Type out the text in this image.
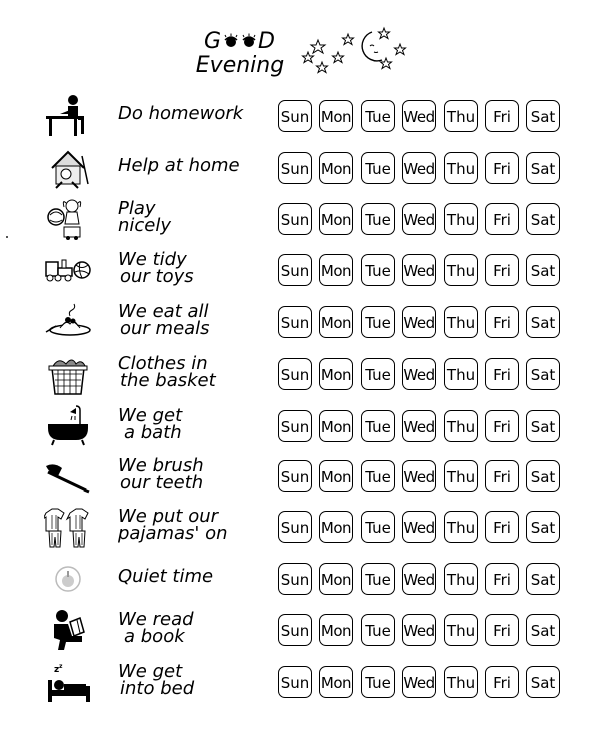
G D
Evening
Do homework	Sun Mon Tue Wed Thu	Fri	Sat
Help at home	Sun Mon Tue Wed Thu	Fri	Sat
Play
nicely	Sun Mon Tue Wed Thu	Fri	Sat
We tidy
our toys	Sun Mon Tue Wed Thu	Fri	Sat
We eat all
our meals	Sun Mon Tue Wed Thu	Fri	Sat
Clothes in
the basket	Sun Mon Tue Wed Thu	Fri	Sat
We get
a bath	Sun Mon Tue Wed Thu	Fri	Sat
We brush
our teeth	Sun Mon Tue Wed Thu	Fri	Sat
We put our
pajamas' on	Sun Mon Tue Wed Thu	Fri	Sat
Quiet time	Sun Mon Tue Wed Thu	Fri	Sat
We read
a book	Sun Mon Tue Wed Thu	Fri	Sat
z z	We get
into bed	Sun Mon Tue Wed Thu	Fri	Sat
